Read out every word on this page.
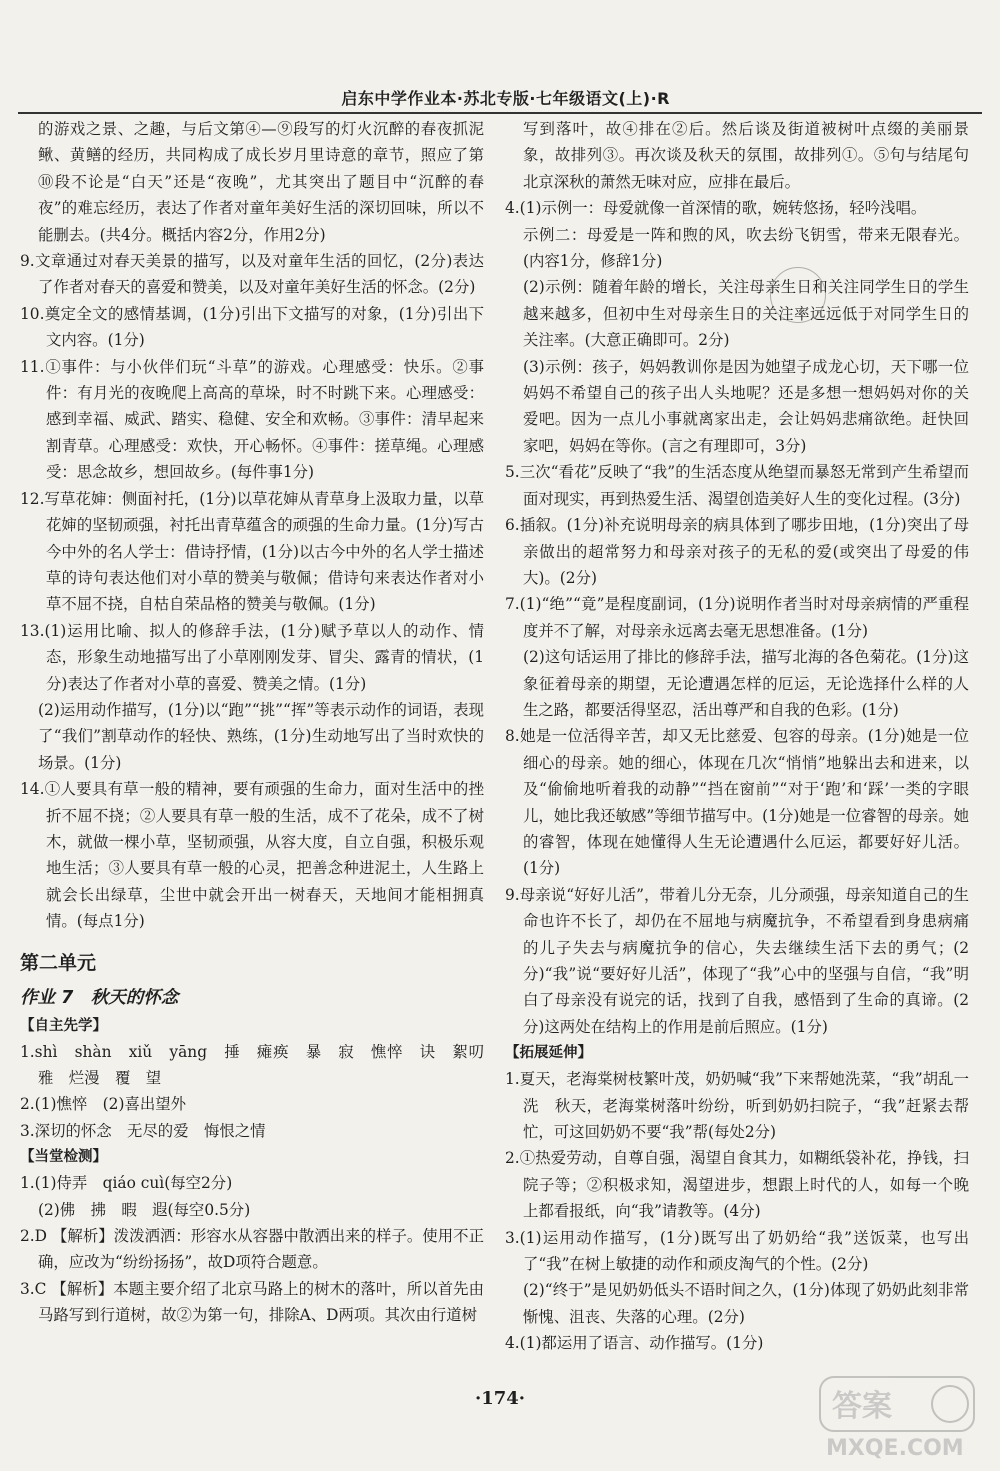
启东中学作业本·苏北专版·七年级语文(上)·R

的游戏之景、之趣，与后文第④—⑨段写的灯火沉醉的春夜抓泥鳅、黄鳝的经历，共同构成了成长岁月里诗意的章节，照应了第⑩段不论是“白天”还是“夜晚”，尤其突出了题目中“沉醉的春夜”的难忘经历，表达了作者对童年美好生活的深切回味，所以不能删去。(共4分。概括内容2分，作用2分)

9.文章通过对春天美景的描写，以及对童年生活的回忆，(2分)表达了作者对春天的喜爱和赞美，以及对童年美好生活的怀念。(2分)

10.奠定全文的感情基调，(1分)引出下文描写的对象，(1分)引出下文内容。(1分)

11.①事件：与小伙伴们玩“斗草”的游戏。心理感受：快乐。②事件：有月光的夜晚爬上高高的草垛，时不时跳下来。心理感受：感到幸福、威武、踏实、稳健、安全和欢畅。③事件：清早起来割青草。心理感受：欢快，开心畅怀。④事件：搓草绳。心理感受：思念故乡，想回故乡。(每件事1分)

12.写草花婶：侧面衬托，(1分)以草花婶从青草身上汲取力量，以草花婶的坚韧顽强，衬托出青草蕴含的顽强的生命力量。(1分)写古今中外的名人学士：借诗抒情，(1分)以古今中外的名人学士描述草的诗句表达他们对小草的赞美与敬佩；借诗句来表达作者对小草不屈不挠，自枯自荣品格的赞美与敬佩。(1分)

13.(1)运用比喻、拟人的修辞手法，(1分)赋予草以人的动作、情态，形象生动地描写出了小草刚刚发芽、冒尖、露青的情状，(1分)表达了作者对小草的喜爱、赞美之情。(1分)

(2)运用动作描写，(1分)以“跑”“挑”“挥”等表示动作的词语，表现了“我们”割草动作的轻快、熟练，(1分)生动地写出了当时欢快的场景。(1分)

14.①人要具有草一般的精神，要有顽强的生命力，面对生活中的挫折不屈不挠；②人要具有草一般的生活，成不了花朵，成不了树木，就做一棵小草，坚韧顽强，从容大度，自立自强，积极乐观地生活；③人要具有草一般的心灵，把善念种进泥土，人生路上就会长出绿草，尘世中就会开出一树春天，天地间才能相拥真情。(每点1分)

第二单元
作业 7　秋天的怀念
【自主先学】

1.shì　shàn　xiǔ　yāng　捶　瘫痪　暴　寂　憔悴　诀　絮叨　雅　烂漫　覆　望

2.(1)憔悴　(2)喜出望外

3.深切的怀念　无尽的爱　悔恨之情

【当堂检测】

1.(1)侍弄　qiáo cuì(每空2分)

(2)佛　拂　暇　遐(每空0.5分)

2.D 【解析】泼泼洒洒：形容水从容器中散洒出来的样子。使用不正确，应改为“纷纷扬扬”，故D项符合题意。

3.C 【解析】本题主要介绍了北京马路上的树木的落叶，所以首先由马路写到行道树，故②为第一句，排除A、D两项。其次由行道树

写到落叶，故④排在②后。然后谈及街道被树叶点缀的美丽景象，故排列③。再次谈及秋天的氛围，故排列①。⑤句与结尾句北京深秋的萧然无味对应，应排在最后。

4.(1)示例一：母爱就像一首深情的歌，婉转悠扬，轻吟浅唱。

示例二：母爱是一阵和煦的风，吹去纷飞钥雪，带来无限春光。(内容1分，修辞1分)

(2)示例：随着年龄的增长，关注母亲生日和关注同学生日的学生越来越多，但初中生对母亲生日的关注率远远低于对同学生日的关注率。(大意正确即可。2分)

(3)示例：孩子，妈妈教训你是因为她望子成龙心切，天下哪一位妈妈不希望自己的孩子出人头地呢？还是多想一想妈妈对你的关爱吧。因为一点儿小事就离家出走，会让妈妈悲痛欲绝。赶快回家吧，妈妈在等你。(言之有理即可，3分)

5.三次“看花”反映了“我”的生活态度从绝望而暴怒无常到产生希望而面对现实，再到热爱生活、渴望创造美好人生的变化过程。(3分)

6.插叙。(1分)补充说明母亲的病具体到了哪步田地，(1分)突出了母亲做出的超常努力和母亲对孩子的无私的爱(或突出了母爱的伟大)。(2分)

7.(1)“绝”“竟”是程度副词，(1分)说明作者当时对母亲病情的严重程度并不了解，对母亲永远离去毫无思想准备。(1分)

(2)这句话运用了排比的修辞手法，描写北海的各色菊花。(1分)这象征着母亲的期望，无论遭遇怎样的厄运，无论选择什么样的人生之路，都要活得坚忍，活出尊严和自我的色彩。(1分)

8.她是一位活得辛苦，却又无比慈爱、包容的母亲。(1分)她是一位细心的母亲。她的细心，体现在几次“悄悄”地躲出去和进来，以及“偷偷地听着我的动静”“挡在窗前”“对于‘跑’和‘踩’一类的字眼儿，她比我还敏感”等细节描写中。(1分)她是一位睿智的母亲。她的睿智，体现在她懂得人生无论遭遇什么厄运，都要好好儿活。(1分)

9.母亲说“好好儿活”，带着儿分无奈，儿分顽强，母亲知道自己的生命也许不长了，却仍在不屈地与病魔抗争，不希望看到身患病痛的儿子失去与病魔抗争的信心，失去继续生活下去的勇气；(2分)“我”说“要好好儿活”，体现了“我”心中的坚强与自信，“我”明白了母亲没有说完的话，找到了自我，感悟到了生命的真谛。(2分)这两处在结构上的作用是前后照应。(1分)

【拓展延伸】

1.夏天，老海棠树枝繁叶茂，奶奶喊“我”下来帮她洗菜，“我”胡乱一洗　秋天，老海棠树落叶纷纷，听到奶奶扫院子，“我”赶紧去帮忙，可这回奶奶不要“我”帮(每处2分)

2.①热爱劳动，自尊自强，渴望自食其力，如糊纸袋补花，挣钱，扫院子等；②积极求知，渴望进步，想跟上时代的人，如每一个晚上都看报纸，向“我”请教等。(4分)

3.(1)运用动作描写，(1分)既写出了奶奶给“我”送饭菜，也写出了“我”在树上敏捷的动作和顽皮淘气的个性。(2分)

(2)“终于”是见奶奶低头不语时间之久，(1分)体现了奶奶此刻非常惭愧、沮丧、失落的心理。(2分)

4.(1)都运用了语言、动作描写。(1分)

·174·	答案
MXQE.COM
